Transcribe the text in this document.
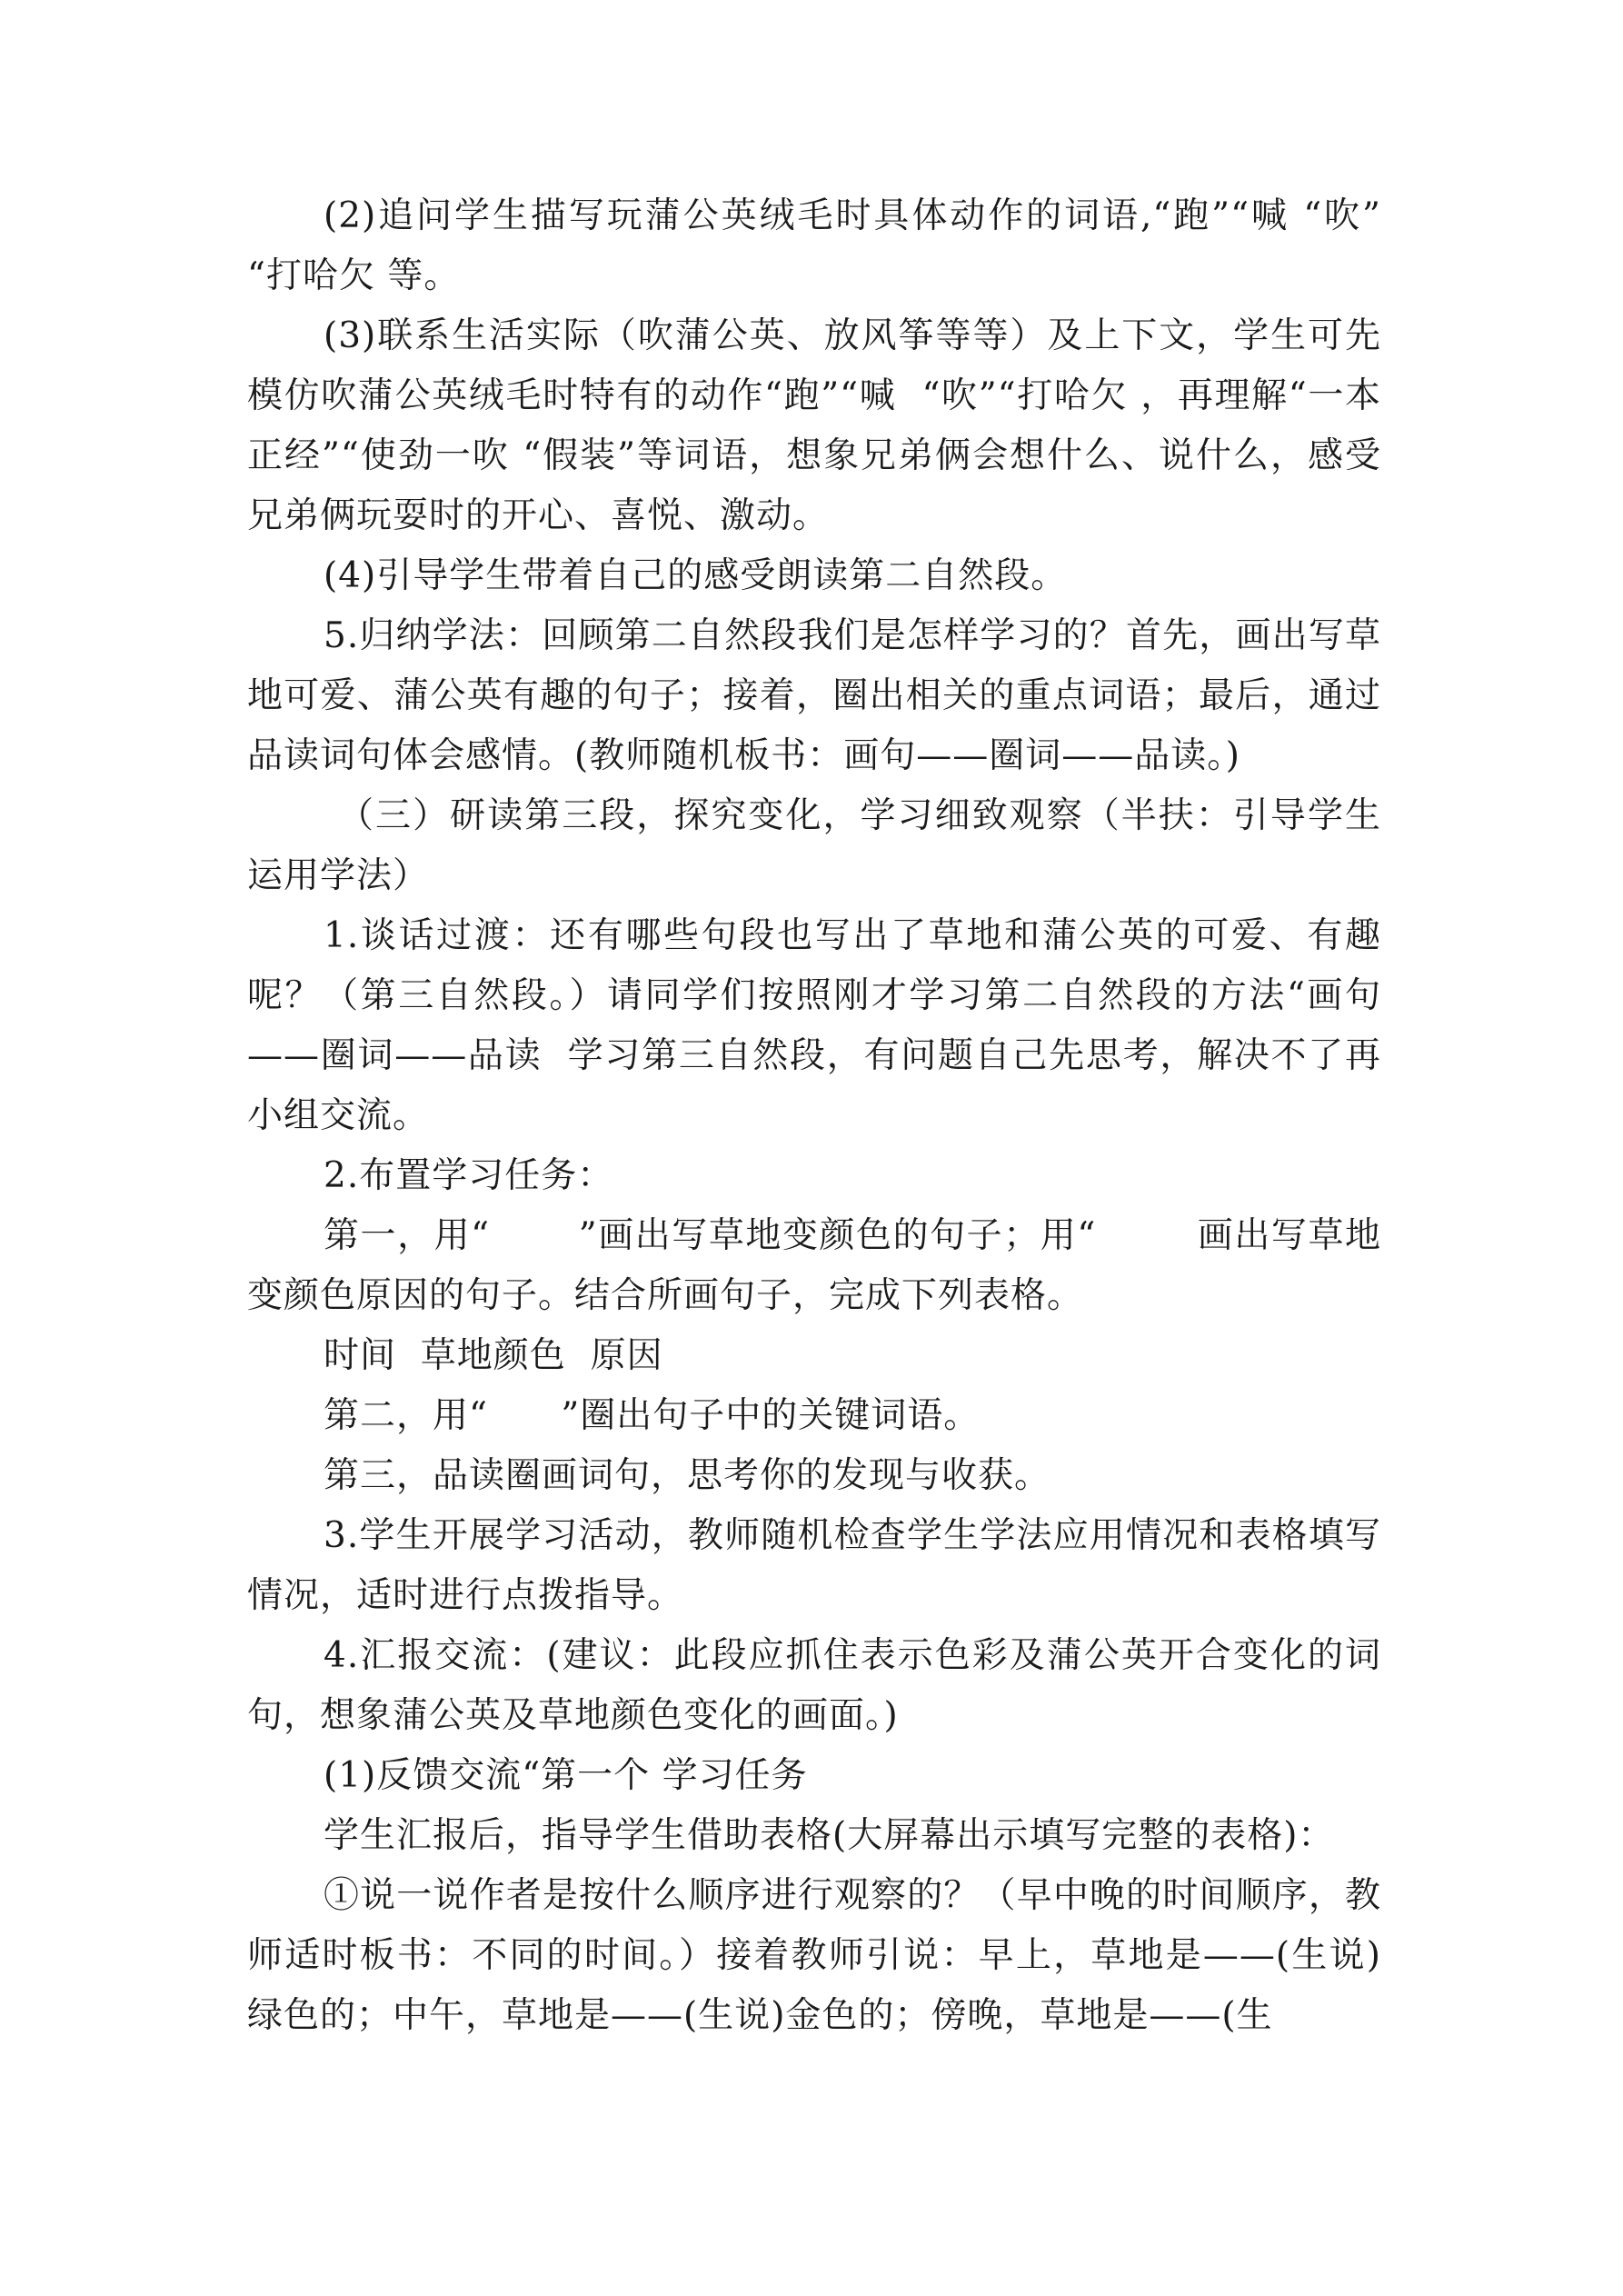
(2)追问学生描写玩蒲公英绒毛时具体动作的词语,“跑”“喊 “吹” “打哈欠 等。

(3)联系生活实际（吹蒲公英、放风筝等等）及上下文，学生可先模仿吹蒲公英绒毛时特有的动作“跑”“喊  “吹”“打哈欠 ，再理解“一本正经”“使劲一吹 “假装”等词语，想象兄弟俩会想什么、说什么，感受兄弟俩玩耍时的开心、喜悦、激动。

(4)引导学生带着自己的感受朗读第二自然段。

5.归纳学法：回顾第二自然段我们是怎样学习的？首先，画出写草地可爱、蒲公英有趣的句子；接着，圈出相关的重点词语；最后，通过品读词句体会感情。(教师随机板书：画句——圈词——品读。)

（三）研读第三段，探究变化，学习细致观察（半扶：引导学生运用学法）

1.谈话过渡：还有哪些句段也写出了草地和蒲公英的可爱、有趣呢？（第三自然段。）请同学们按照刚才学习第二自然段的方法“画句——圈词——品读  学习第三自然段，有问题自己先思考，解决不了再小组交流。

2.布置学习任务：

第一，用“       ”画出写草地变颜色的句子；用“        画出写草地变颜色原因的句子。结合所画句子，完成下列表格。

时间  草地颜色  原因

第二，用“      ”圈出句子中的关键词语。

第三，品读圈画词句，思考你的发现与收获。

3.学生开展学习活动，教师随机检查学生学法应用情况和表格填写情况，适时进行点拨指导。

4.汇报交流：(建议：此段应抓住表示色彩及蒲公英开合变化的词句，想象蒲公英及草地颜色变化的画面。)

(1)反馈交流“第一个 学习任务

学生汇报后，指导学生借助表格(大屏幕出示填写完整的表格)：

①说一说作者是按什么顺序进行观察的？（早中晚的时间顺序，教师适时板书：不同的时间。）接着教师引说：早上，草地是——(生说)绿色的；中午，草地是——(生说)金色的；傍晚，草地是——(生
